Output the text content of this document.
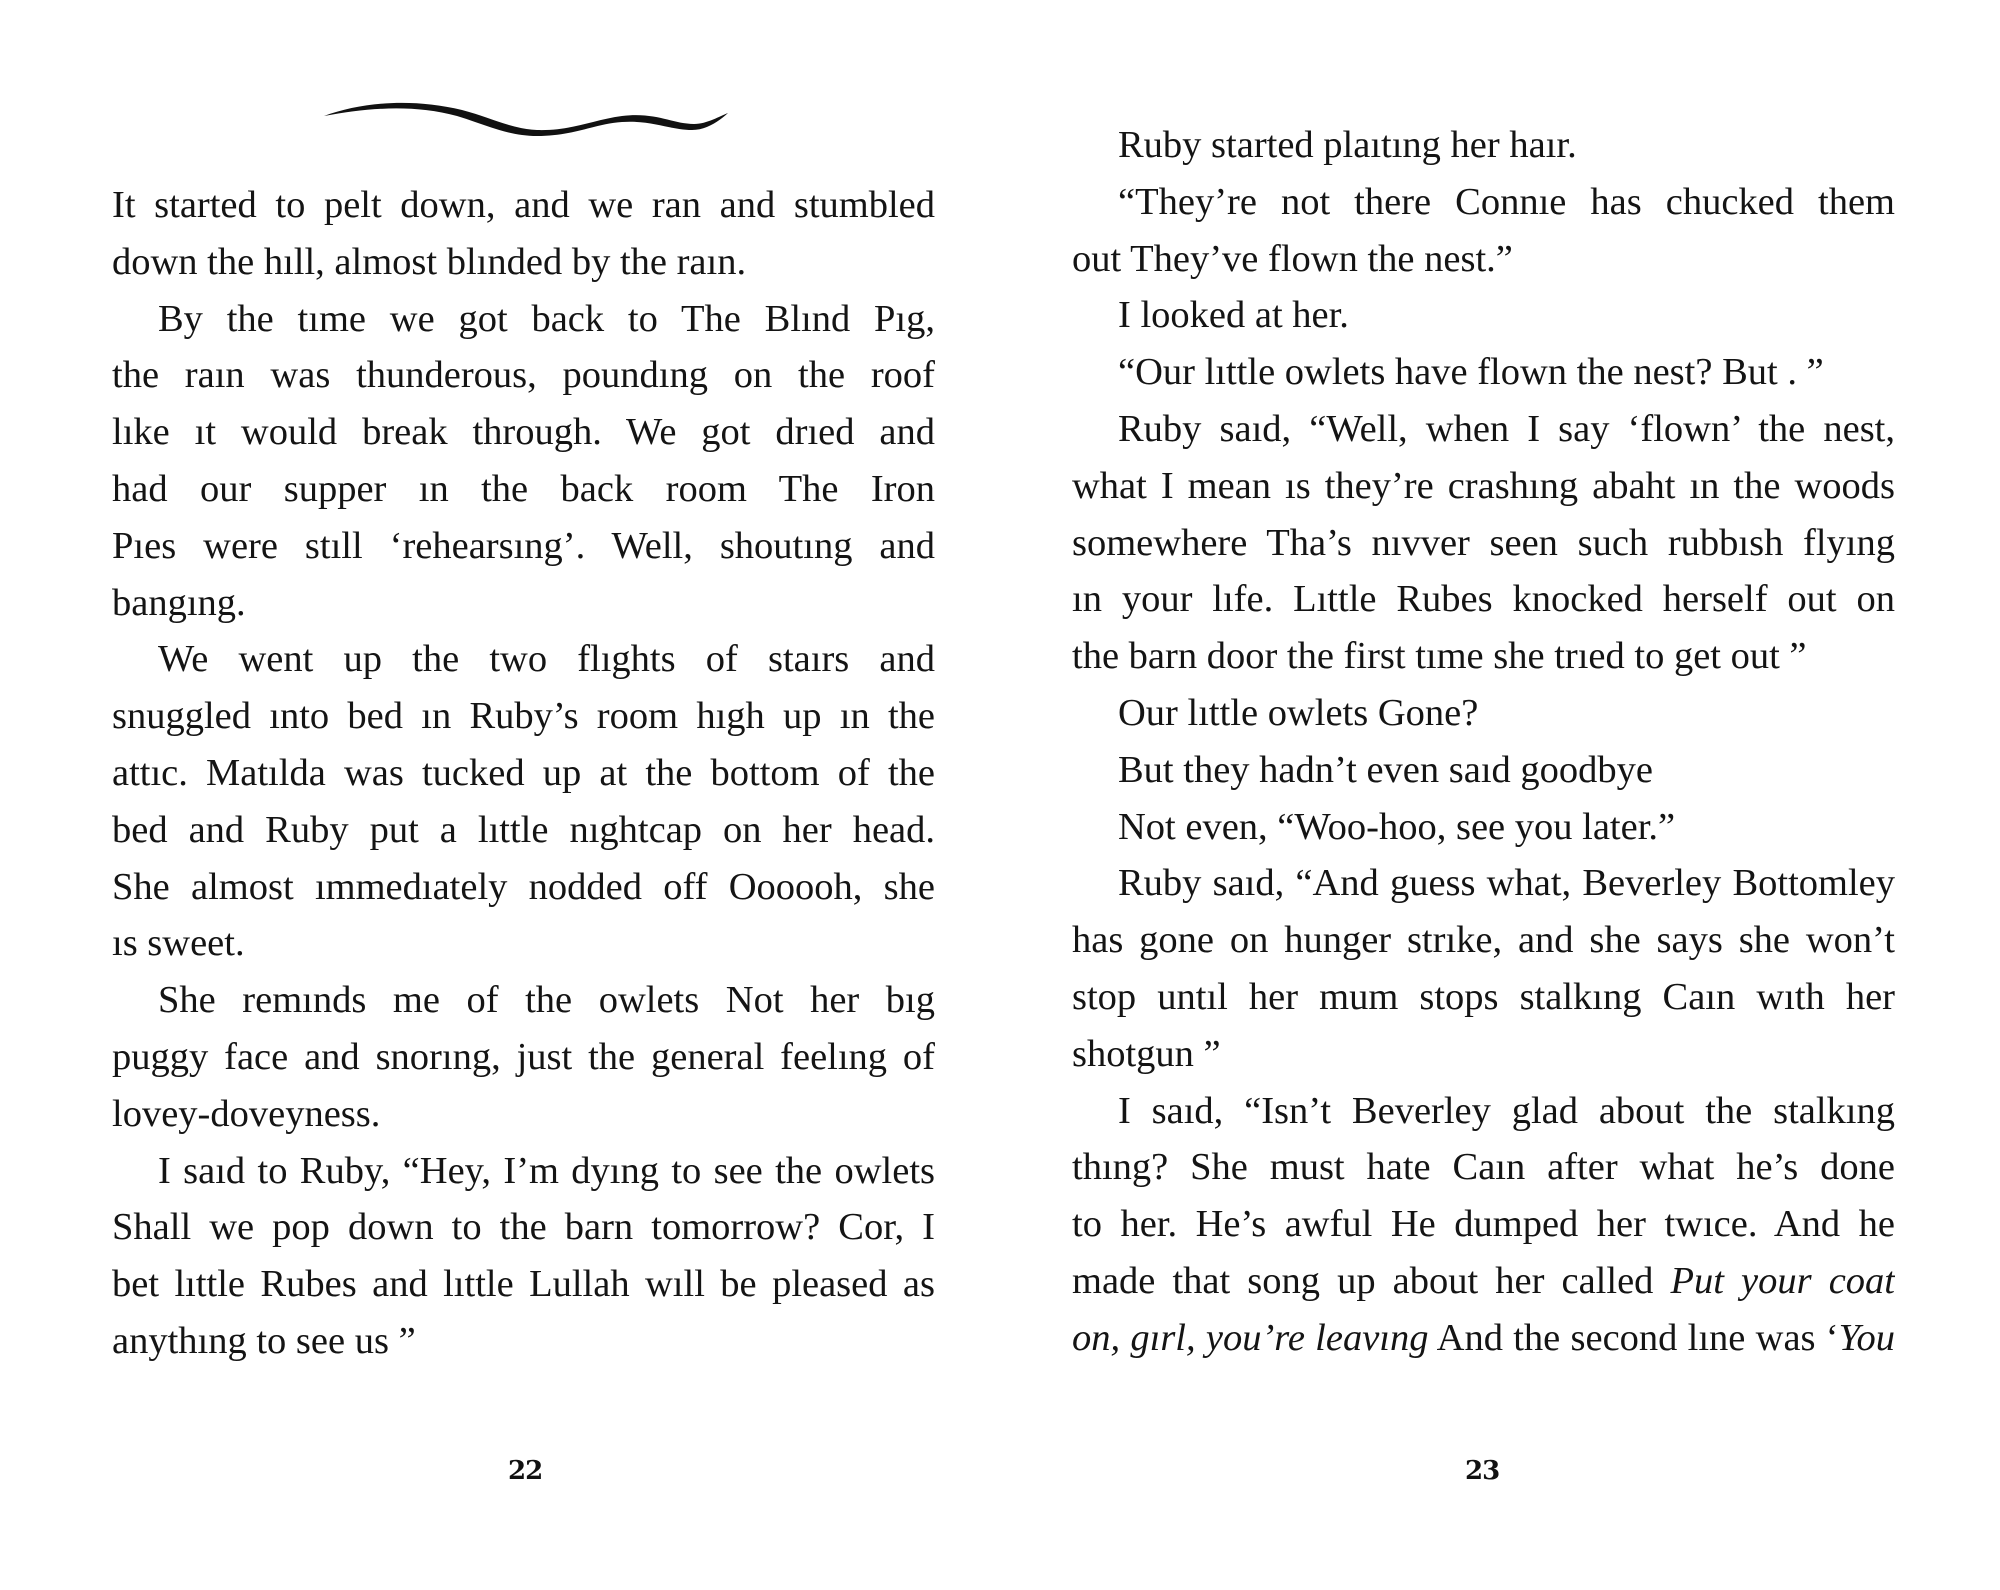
It started to pelt down, and we ran and stumbled
down the hıll, almost blınded by the raın.
By the tıme we got back to The Blınd Pıg,
the raın was thunderous, poundıng on the roof
lıke ıt would break through. We got drıed and
had our supper ın the back room The Iron
Pıes were stıll ‘rehearsıng’. Well, shoutıng and
bangıng.
We went up the two flıghts of staırs and
snuggled ınto bed ın Ruby’s room hıgh up ın the
attıc. Matılda was tucked up at the bottom of the
bed and Ruby put a lıttle nıghtcap on her head.
She almost ımmedıately nodded off Oooooh, she
ıs sweet.
She remınds me of the owlets Not her bıg
puggy face and snorıng, just the general feelıng of
lovey-doveyness.
I saıd to Ruby, “Hey, I’m dyıng to see the owlets
Shall we pop down to the barn tomorrow? Cor, I
bet lıttle Rubes and lıttle Lullah wıll be pleased as
anythıng to see us ”
22
Ruby started plaıtıng her haır.
“They’re not there Connıe has chucked them
out They’ve flown the nest.”
I looked at her.
“Our lıttle owlets have flown the nest? But . ”
Ruby saıd, “Well, when I say ‘flown’ the nest,
what I mean ıs they’re crashıng abaht ın the woods
somewhere Tha’s nıvver seen such rubbısh flyıng
ın your lıfe. Lıttle Rubes knocked herself out on
the barn door the first tıme she trıed to get out ”
Our lıttle owlets Gone?
But they hadn’t even saıd goodbye
Not even, “Woo-hoo, see you later.”
Ruby saıd, “And guess what, Beverley Bottomley
has gone on hunger strıke, and she says she won’t
stop untıl her mum stops stalkıng Caın wıth her
shotgun ”
I saıd, “Isn’t Beverley glad about the stalkıng
thıng? She must hate Caın after what he’s done
to her. He’s awful He dumped her twıce. And he
made that song up about her called Put your coat
on, gırl, you’re leavıng And the second lıne was ‘You
23
